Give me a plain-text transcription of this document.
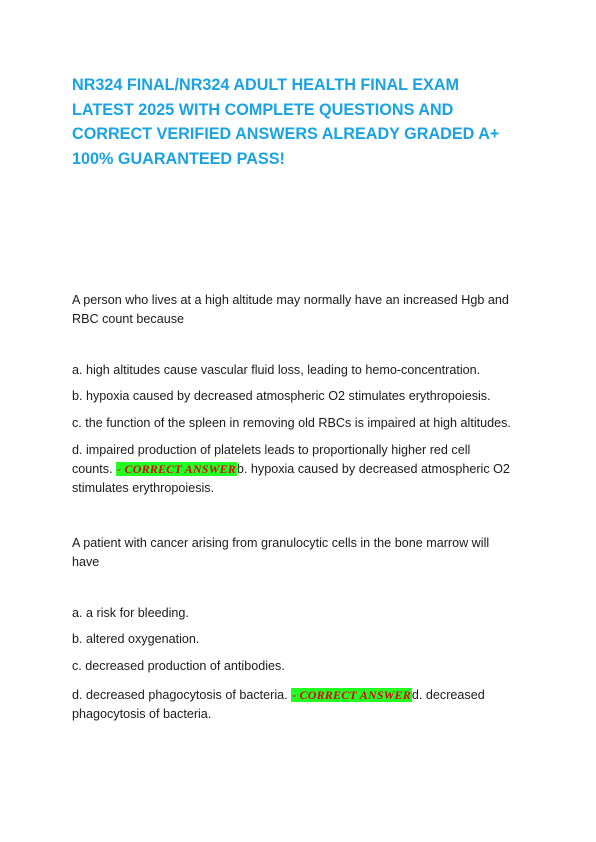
NR324 FINAL/NR324 ADULT HEALTH FINAL EXAM
LATEST 2025 WITH COMPLETE QUESTIONS AND
CORRECT VERIFIED ANSWERS ALREADY GRADED A+
100% GUARANTEED PASS!

A person who lives at a high altitude may normally have an increased Hgb and
RBC count because

a. high altitudes cause vascular fluid loss, leading to hemo-concentration.

b. hypoxia caused by decreased atmospheric O2 stimulates erythropoiesis.

c. the function of the spleen in removing old RBCs is impaired at high altitudes.

d. impaired production of platelets leads to proportionally higher red cell
counts. - CORRECT ANSWERb. hypoxia caused by decreased atmospheric O2
stimulates erythropoiesis.

A patient with cancer arising from granulocytic cells in the bone marrow will
have

a. a risk for bleeding.

b. altered oxygenation.

c. decreased production of antibodies.

d. decreased phagocytosis of bacteria. - CORRECT ANSWERd. decreased
phagocytosis of bacteria.
